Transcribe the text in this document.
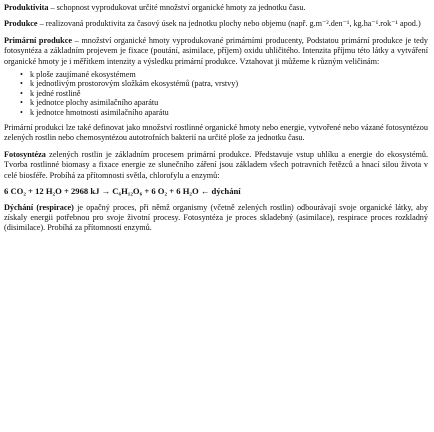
Produktivita – schopnost vyprodukovat určité množství organické hmoty za jednotku času.

Produkce – realizovaná produktivita za časový úsek na jednotku plochy nebo objemu (např. g.m⁻².den⁻¹, kg.ha⁻¹.rok⁻¹ apod.)

Primární produkce – množství organické hmoty vyprodukované primárními producenty, Podstatou primární produkce je tedy fotosyntéza a základním projevem je fixace (poutání, asimilace, příjem) oxidu uhličitého. Intenzita příjmu této látky a vytváření organické hmoty je i měřítkem intenzity a výsledku primární produkce. Vztahovat ji můžeme k různým veličinám:

• k ploše zaujímané ekosystémem
• k jednotlivým prostorovým složkám ekosystémů (patra, vrstvy)
• k jedné rostlině
• k jednotce plochy asimilačního aparátu
• k jednotce hmotnosti asimilačního aparátu

Primární produkci lze také definovat jako množství rostlinné organické hmoty nebo energie, vytvořené nebo vázané fotosyntézou zelených rostlin nebo chemosyntézou autotrofních bakterií na určité ploše za jednotku času.

Fotosyntéza zelených rostlin je základním procesem primární produkce. Představuje vstup uhlíku a energie do ekosystémů. Tvorba rostlinné biomasy a fixace energie ze slunečního záření jsou základem všech potravních řetězců a hnací silou života v celé biosféře. Probíhá za přítomnosti světla, chlorofylu a enzymů:

6 CO₂ + 12 H₂O + 2968 kJ → C₆H₁₂O₆ + 6 O₂ + 6 H₂O ← dýchání

Dýchání (respirace) je opačný proces, při němž organismy (včetně zelených rostlin) odbourávají svoje organické látky, aby získaly energii potřebnou pro svoje životní procesy. Fotosyntéza je proces skladebný (asimilace), respirace proces rozkladný (disimilace). Probíhá za přítomnosti enzymů.
